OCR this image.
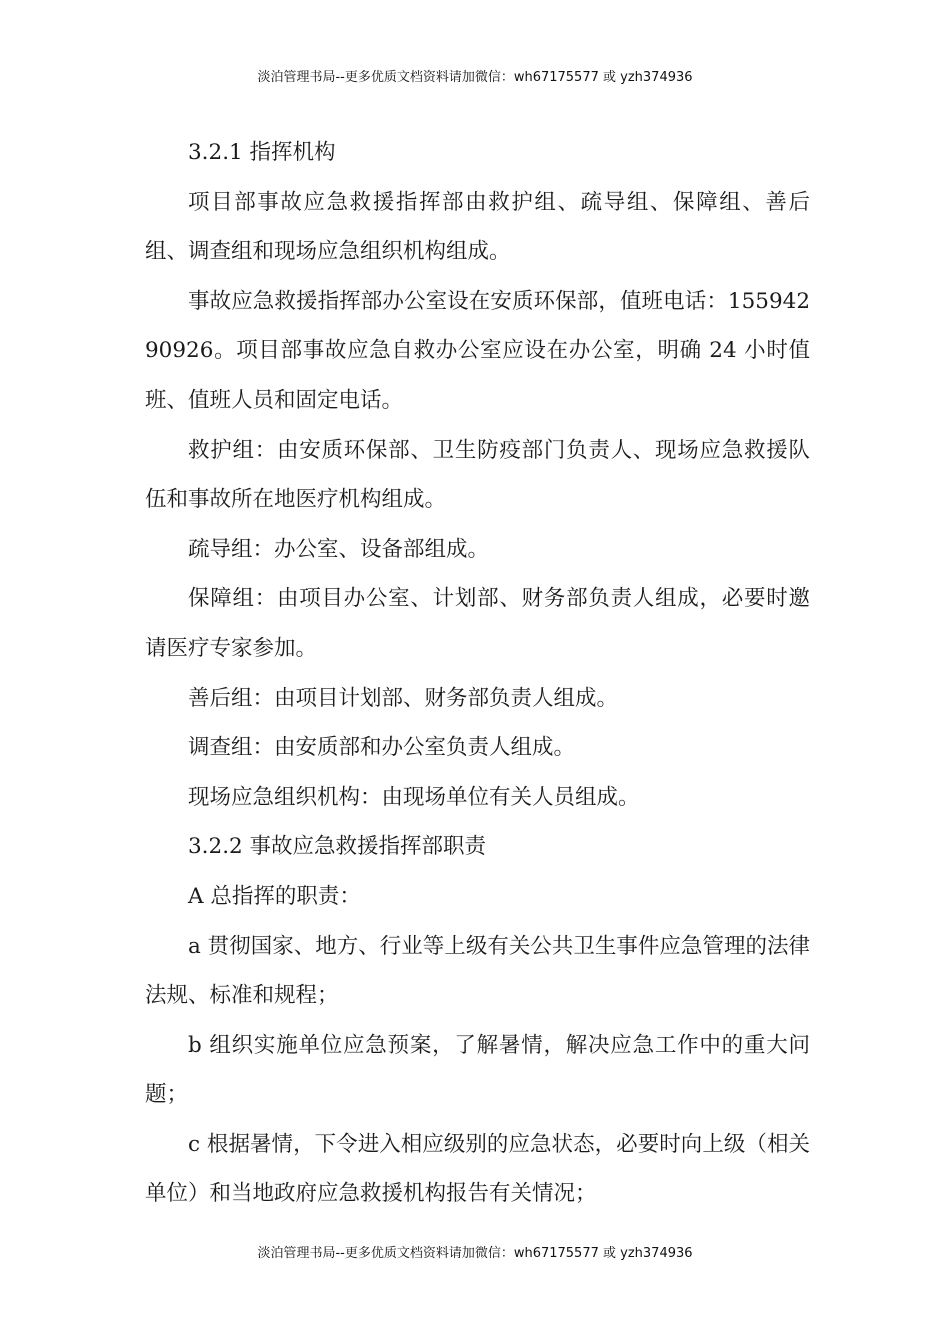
淡泊管理书局--更多优质文档资料请加微信：wh67175577 或 yzh374936

3.2.1 指挥机构

项目部事故应急救援指挥部由救护组、疏导组、保障组、善后组、调查组和现场应急组织机构组成。

事故应急救援指挥部办公室设在安质环保部，值班电话：15594290926。项目部事故应急自救办公室应设在办公室，明确 24 小时值班、值班人员和固定电话。

救护组：由安质环保部、卫生防疫部门负责人、现场应急救援队伍和事故所在地医疗机构组成。

疏导组：办公室、设备部组成。

保障组：由项目办公室、计划部、财务部负责人组成，必要时邀请医疗专家参加。

善后组：由项目计划部、财务部负责人组成。

调查组：由安质部和办公室负责人组成。

现场应急组织机构：由现场单位有关人员组成。

3.2.2 事故应急救援指挥部职责

A 总指挥的职责：

a 贯彻国家、地方、行业等上级有关公共卫生事件应急管理的法律法规、标准和规程；

b 组织实施单位应急预案，了解暑情，解决应急工作中的重大问题；

c 根据暑情，下令进入相应级别的应急状态，必要时向上级（相关单位）和当地政府应急救援机构报告有关情况；

淡泊管理书局--更多优质文档资料请加微信：wh67175577 或 yzh374936
